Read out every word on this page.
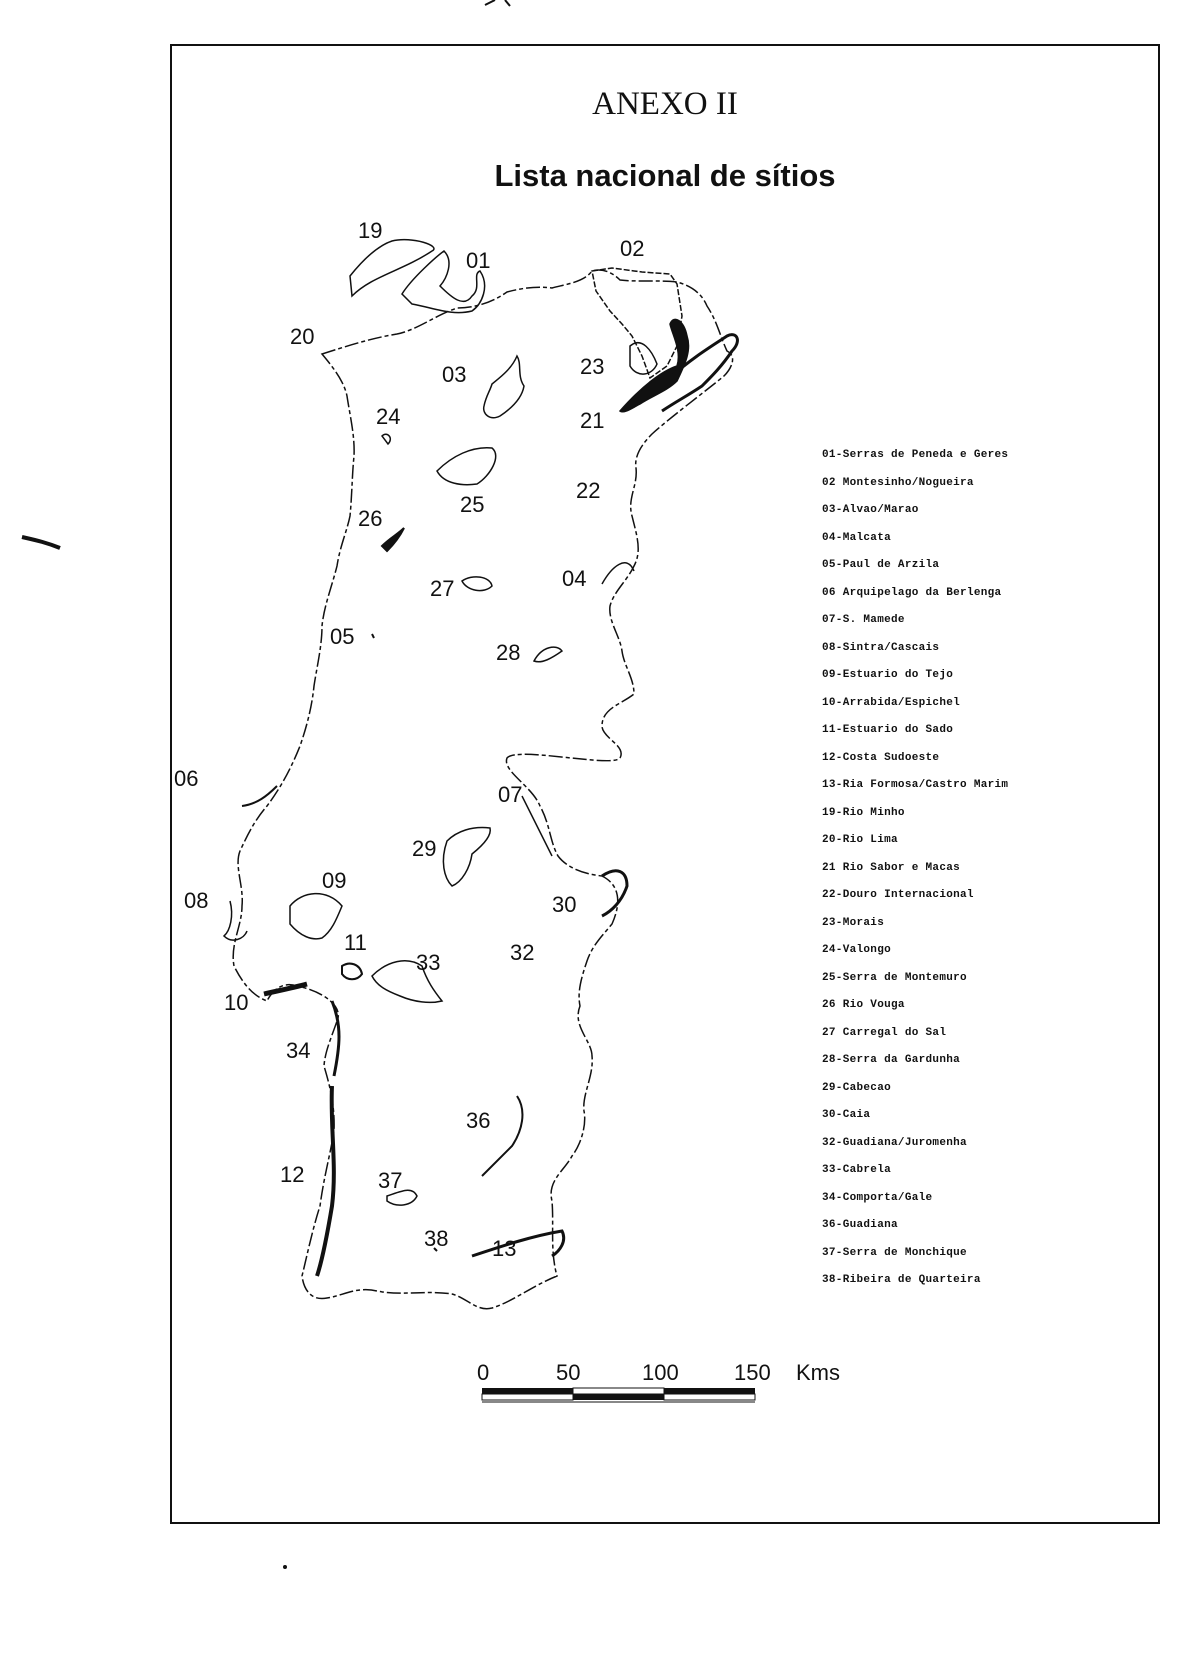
ANEXO II
Lista nacional de sítios
19
01	02
20
03	23
24	21
22
25
26
27	04
05
28
06
07
29
09
08	30
11	32
33
10
34
36
12	37
38 13
0	50	100	150 Kms
01-Serras de Peneda e Geres
02 Montesinho/Nogueira
03-Alvao/Marao
04-Malcata
05-Paul de Arzila
06 Arquipelago da Berlenga
07-S. Mamede
08-Sintra/Cascais
09-Estuario do Tejo
10-Arrabida/Espichel
11-Estuario do Sado
12-Costa Sudoeste
13-Ria Formosa/Castro Marim
19-Rio Minho
20-Rio Lima
21 Rio Sabor e Macas
22-Douro Internacional
23-Morais
24-Valongo
25-Serra de Montemuro
26 Rio Vouga
27 Carregal do Sal
28-Serra da Gardunha
29-Cabecao
30-Caia
32-Guadiana/Juromenha
33-Cabrela
34-Comporta/Gale
36-Guadiana
37-Serra de Monchique
38-Ribeira de Quarteira
